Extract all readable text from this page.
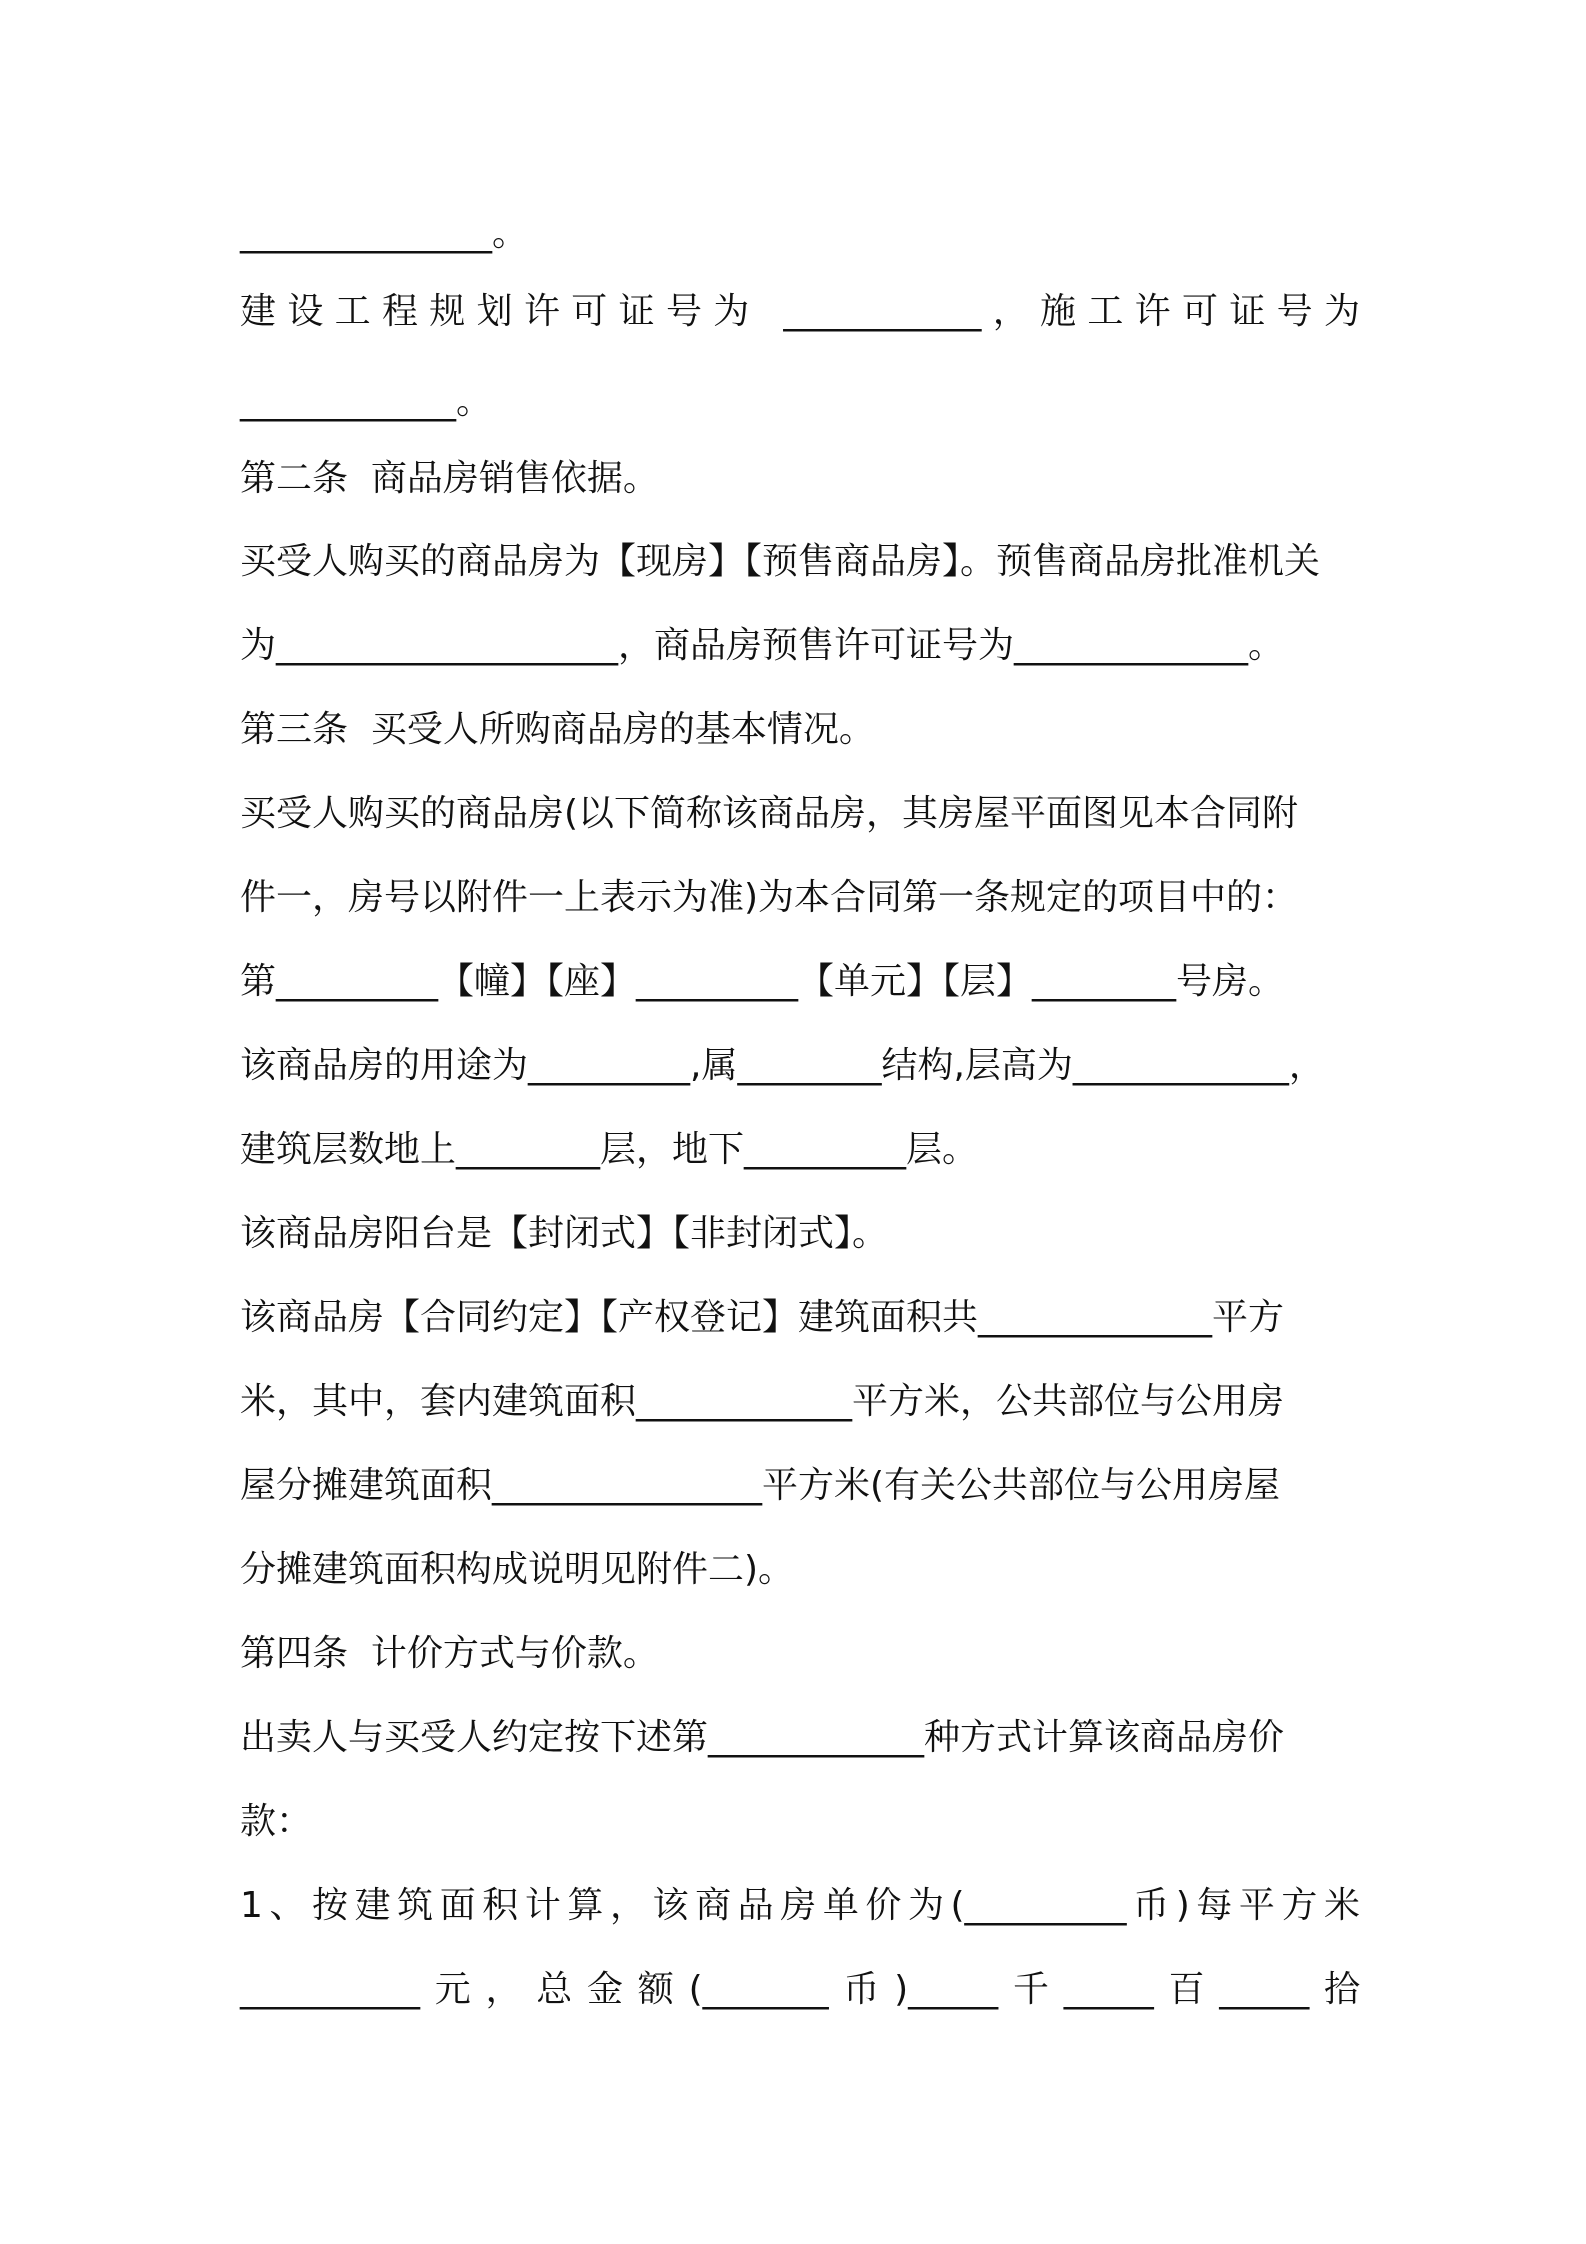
______________。
建设工程规划许可证号为 ___________，施工许可证号为
____________。
第二条  商品房销售依据。
买受人购买的商品房为【现房】【预售商品房】。预售商品房批准机关
为___________________，商品房预售许可证号为_____________。
第三条  买受人所购商品房的基本情况。
买受人购买的商品房(以下简称该商品房，其房屋平面图见本合同附
件一，房号以附件一上表示为准)为本合同第一条规定的项目中的：
第_________【幢】【座】_________【单元】【层】________号房。
该商品房的用途为_________,属________结构,层高为____________，
建筑层数地上________层，地下_________层。
该商品房阳台是【封闭式】【非封闭式】。
该商品房【合同约定】【产权登记】建筑面积共_____________平方
米，其中，套内建筑面积____________平方米，公共部位与公用房
屋分摊建筑面积_______________平方米(有关公共部位与公用房屋
分摊建筑面积构成说明见附件二)。
第四条  计价方式与价款。
出卖人与买受人约定按下述第____________种方式计算该商品房价
款：
1、按建筑面积计算，该商品房单价为(_________币)每平方米
__________元，总金额(_______币)_____千_____百_____拾
